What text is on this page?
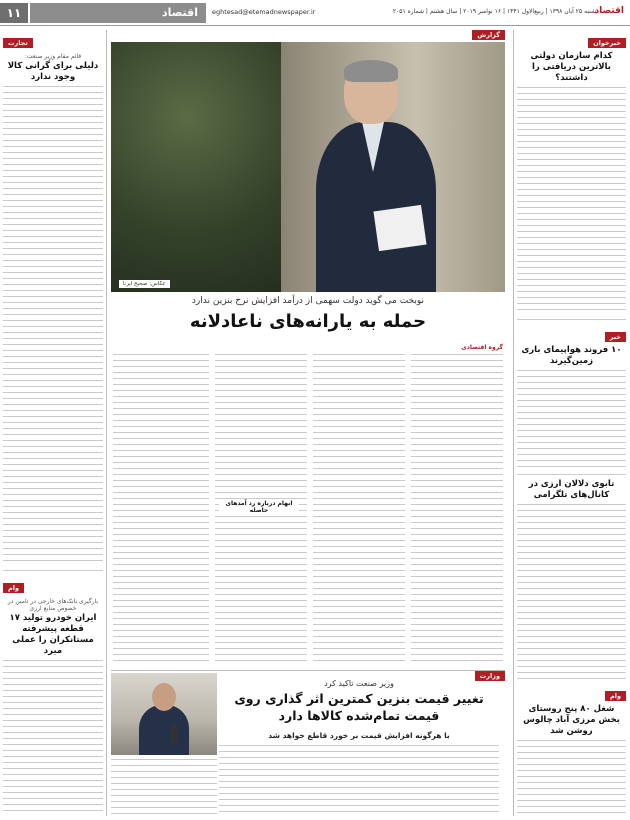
اقتصاد
شنبه ۲۵ آبان ۱۳۹۸ | ربیع‌الاول ۱۴۴۱ | ۱۶ نوامبر ۲۰۱۹ | سال هشتم | شماره ۲۰۵۱
eghtesad@etemadnewspaper.ir
اقتصاد
۱۱
خبرخوان
کدام سازمان دولتی بالاترین دریافتی را داشتند؟
خبر
۱۰ فروند هواپیمای باری زمین‌گیرند
تابوی دلالان ارزی در کانال‌های تلگرامی
وام
شغل ۸۰ پنج روستای بخش مرزی آباد چالوس روشن شد
تجارت
قائم مقام وزیر صنعت:
دلیلی برای گرانی کالا وجود ندارد
وام
بارگیری بانک‌های خارجی در تامین در خصوص منابع ارزی
ایران خودرو تولید ۱۷ قطعه پیشرفته مستانکران را عملی میرد
گزارش
عکاس: صحیح ایرنا
نوبخت می گوید دولت سهمی از درآمد افزایش نرخ بنزین ندارد
حمله به یارانه‌های ناعادلانه
گروه اقتصادی
ابهام درباره رد آمدهای حاصله
وزارت
وزیر صنعت تاکید کرد
تغییر قیمت بنزین کمترین اثر گذاری روی قیمت تمام‌شده کالاها دارد
با هرگونه افزایش قیمت بر خورد قاطع خواهد شد
